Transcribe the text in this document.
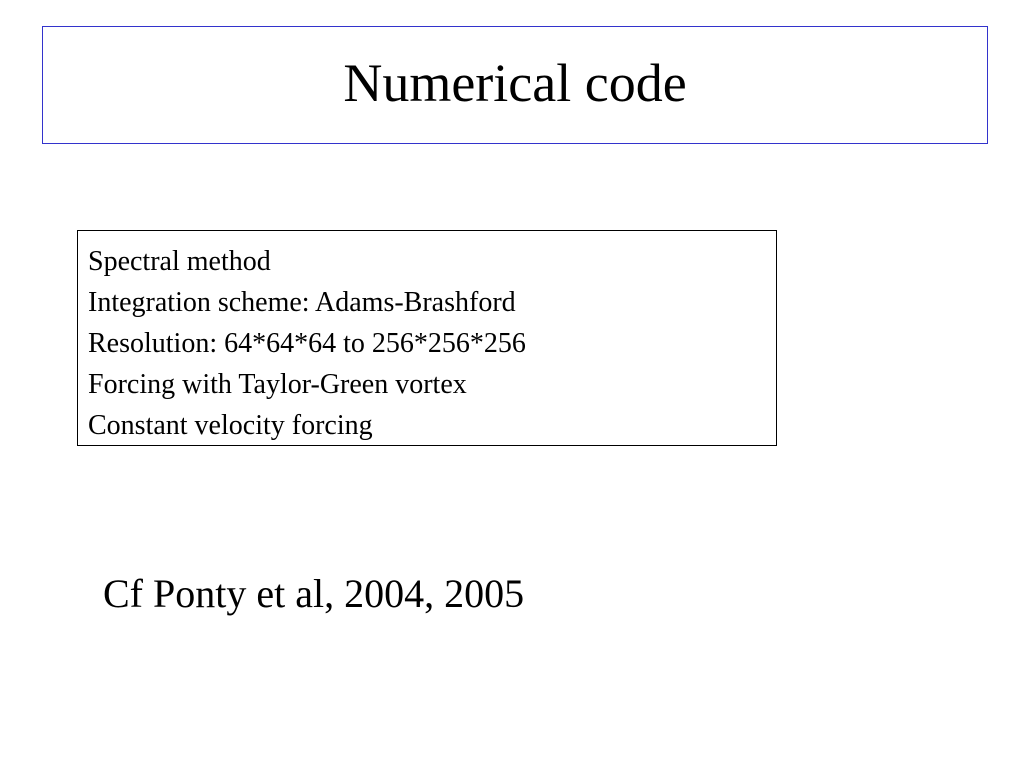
Numerical code
Spectral method
Integration scheme: Adams-Brashford
Resolution: 64*64*64 to 256*256*256
Forcing with Taylor-Green vortex
Constant velocity forcing
Cf Ponty et al, 2004, 2005
